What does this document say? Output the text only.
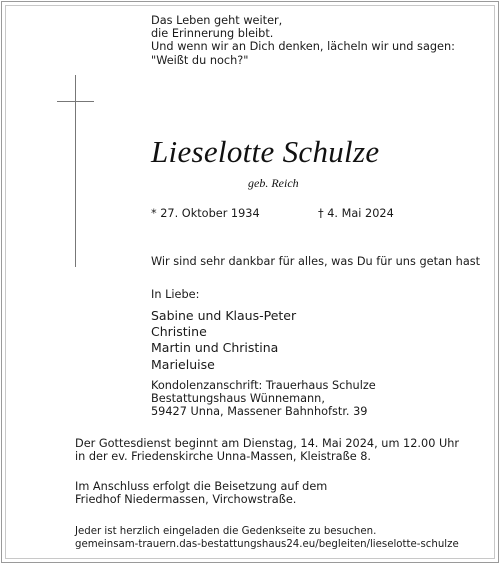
Das Leben geht weiter,
die Erinnerung bleibt.
Und wenn wir an Dich denken, lächeln wir und sagen:
"Weißt du noch?"
Lieselotte Schulze
geb. Reich
* 27. Oktober 1934	† 4. Mai 2024
Wir sind sehr dankbar für alles, was Du für uns getan hast
In Liebe:
Sabine und Klaus-Peter
Christine
Martin und Christina
Marieluise
Kondolenzanschrift: Trauerhaus Schulze
Bestattungshaus Wünnemann,
59427 Unna, Massener Bahnhofstr. 39
Der Gottesdienst beginnt am Dienstag, 14. Mai 2024, um 12.00 Uhr
in der ev. Friedenskirche Unna-Massen, Kleistraße 8.
Im Anschluss erfolgt die Beisetzung auf dem
Friedhof Niedermassen, Virchowstraße.
Jeder ist herzlich eingeladen die Gedenkseite zu besuchen.
gemeinsam-trauern.das-bestattungshaus24.eu/begleiten/lieselotte-schulze
